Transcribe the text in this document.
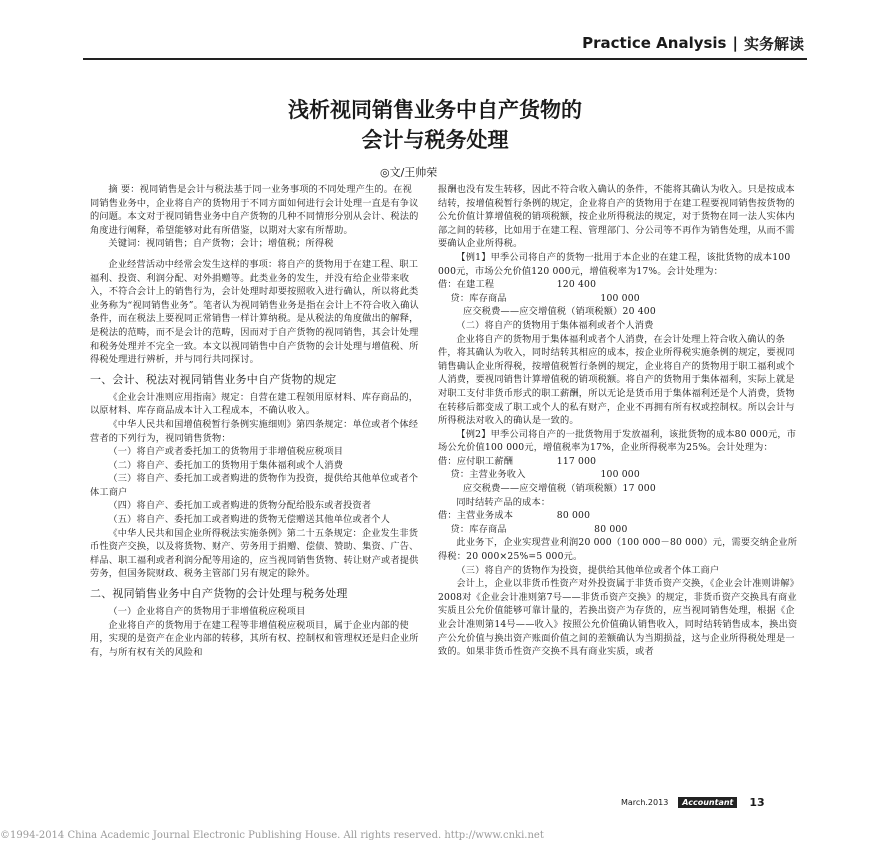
Practice Analysis | 实务解读
浅析视同销售业务中自产货物的
会计与税务处理
◎文/王帅荣

摘 要：视同销售是会计与税法基于同一业务事项的不同处理产生的。在视同销售业务中，企业将自产的货物用于不同方面如何进行会计处理一直是有争议的问题。本文对于视同销售业务中自产货物的几种不同情形分别从会计、税法的角度进行阐释，希望能够对此有所借鉴，以期对大家有所帮助。

关键词：视同销售；自产货物；会计；增值税；所得税

企业经营活动中经常会发生这样的事项：将自产的货物用于在建工程、职工福利、投资、利润分配、对外捐赠等。此类业务的发生，并没有给企业带来收入，不符合会计上的销售行为，会计处理时却要按照收入进行确认，所以将此类业务称为“视同销售业务”。笔者认为视同销售业务是指在会计上不符合收入确认条件，而在税法上要视同正常销售一样计算纳税。是从税法的角度做出的解释，是税法的范畴，而不是会计的范畴，因而对于自产货物的视同销售，其会计处理和税务处理并不完全一致。本文以视同销售中自产货物的会计处理与增值税、所得税处理进行辨析，并与同行共同探讨。

一、会计、税法对视同销售业务中自产货物的规定

《企业会计准则应用指南》规定：自营在建工程领用原材料、库存商品的，以原材料、库存商品成本计入工程成本，不确认收入。

《中华人民共和国增值税暂行条例实施细则》第四条规定：单位或者个体经营者的下列行为，视同销售货物：

（一）将自产或者委托加工的货物用于非增值税应税项目

（二）将自产、委托加工的货物用于集体福利或个人消费

（三）将自产、委托加工或者购进的货物作为投资，提供给其他单位或者个体工商户

（四）将自产、委托加工或者购进的货物分配给股东或者投资者

（五）将自产、委托加工或者购进的货物无偿赠送其他单位或者个人

《中华人民共和国企业所得税法实施条例》第二十五条规定：企业发生非货币性资产交换，以及将货物、财产、劳务用于捐赠、偿债、赞助、集资、广告、样品、职工福利或者利润分配等用途的，应当视同销售货物、转让财产或者提供劳务，但国务院财政、税务主管部门另有规定的除外。

二、视同销售业务中自产货物的会计处理与税务处理

（一）企业将自产的货物用于非增值税应税项目

企业将自产的货物用于在建工程等非增值税应税项目，属于企业内部的使用，实现的是资产在企业内部的转移，其所有权、控制权和管理权还是归企业所有，与所有权有关的风险和

报酬也没有发生转移，因此不符合收入确认的条件，不能将其确认为收入。只是按成本结转，按增值税暂行条例的规定，企业将自产的货物用于在建工程要视同销售按货物的公允价值计算增值税的销项税额，按企业所得税法的规定，对于货物在同一法人实体内部之间的转移，比如用于在建工程、管理部门、分公司等不再作为销售处理，从而不需要确认企业所得税。

【例1】甲季公司将自产的货物一批用于本企业的在建工程，该批货物的成本100 000元，市场公允价值120 000元，增值税率为17%。会计处理为：

借：在建工程                    120 400

贷：库存商品                              100 000

应交税费——应交增值税（销项税额）20 400

（二）将自产的货物用于集体福利或者个人消费

企业将自产的货物用于集体福利或者个人消费，在会计处理上符合收入确认的条件，将其确认为收入，同时结转其相应的成本，按企业所得税实施条例的规定，要视同销售确认企业所得税，按增值税暂行条例的规定，企业将自产的货物用于职工福利或个人消费，要视同销售计算增值税的销项税额。将自产的货物用于集体福利，实际上就是对职工支付非货币形式的职工薪酬，所以无论是货币用于集体福利还是个人消费，货物在转移后都变成了职工或个人的私有财产，企业不再拥有所有权或控制权。所以会计与所得税法对收入的确认是一致的。

【例2】甲季公司将自产的一批货物用于发放福利，该批货物的成本80 000元，市场公允价值100 000元，增值税率为17%，企业所得税率为25%。会计处理为：

借：应付职工薪酬              117 000

贷：主营业务收入                        100 000

应交税费——应交增值税（销项税额）17 000

同时结转产品的成本：

借：主营业务成本              80 000

贷：库存商品                            80 000

此业务下，企业实现营业利润20 000（100 000－80 000）元，需要交纳企业所得税：20 000×25%=5 000元。

（三）将自产的货物作为投资，提供给其他单位或者个体工商户

会计上，企业以非货币性资产对外投资属于非货币资产交换，《企业会计准则讲解》2008对《企业会计准则第7号——非货币资产交换》的规定，非货币资产交换具有商业实质且公允价值能够可靠计量的，若换出资产为存货的，应当视同销售处理，根据《企业会计准则第14号——收入》按照公允价值确认销售收入，同时结转销售成本，换出资产公允价值与换出资产账面价值之间的差额确认为当期损益，这与企业所得税处理是一致的。如果非货币性资产交换不具有商业实质，或者

March.2013	Accountant	13
©1994-2014 China Academic Journal Electronic Publishing House. All rights reserved. http://www.cnki.net
